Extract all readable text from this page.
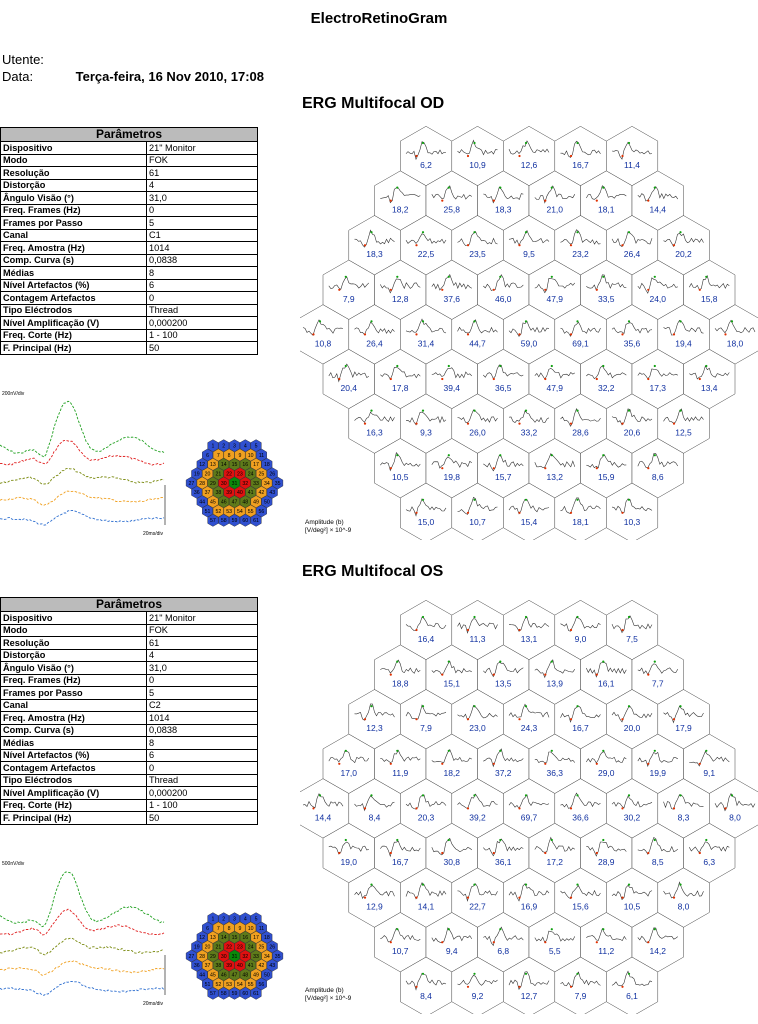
ElectroRetinoGram
Utente:
Data:	Terça-feira, 16 Nov 2010, 17:08
ERG Multifocal OD
Parâmetros	
Dispositivo	21" Monitor
Modo	FOK
Resolução	61
Distorção	4
Ângulo Visão (°)	31,0
Freq. Frames (Hz)	0
Frames por Passo	5
Canal	C1
Freq. Amostra (Hz)	1014
Comp. Curva (s)	0,0838
Médias	8
Nível Artefactos (%)	6
Contagem Artefactos	0
Tipo Eléctrodos	Thread
Nível Amplificação (V)	0,000200
Freq. Corte (Hz)	1 - 100
F. Principal (Hz)	50
200nV/div
20ms/div
1 2 3 4 5
6 7 8 9 10 11
12 13 14 15 16 17 18
19 20 21 22 23 24 25 26
27 28 29 30 31 32 33 34 35
36 37 38 39 40 41 42 43
44 45 46 47 48 49 50
51 52 53 54 55 56
57 58 59 60 61
6,2	10,9	12,6	16,7	11,4
18,2	25,8	18,3	21,0	18,1	14,4
18,3	22,5	23,5	9,5	23,2	26,4	20,2
7,9	12,8	37,6	46,0	47,9	33,5	24,0	15,8
10,8	26,4	31,4	44,7	59,0	69,1	35,6	19,4	18,0
20,4	17,8	39,4	36,5	47,9	32,2	17,3	13,4
16,3	9,3	26,0	33,2	28,6	20,6	12,5
10,5	19,8	15,7	13,2	15,9	8,6
15,0	10,7	15,4	18,1	10,3
Amplitude (b)
[V/deg²] × 10^-9
ERG Multifocal OS
Parâmetros	
Dispositivo	21" Monitor
Modo	FOK
Resolução	61
Distorção	4
Ângulo Visão (°)	31,0
Freq. Frames (Hz)	0
Frames por Passo	5
Canal	C2
Freq. Amostra (Hz)	1014
Comp. Curva (s)	0,0838
Médias	8
Nível Artefactos (%)	6
Contagem Artefactos	0
Tipo Eléctrodos	Thread
Nível Amplificação (V)	0,000200
Freq. Corte (Hz)	1 - 100
F. Principal (Hz)	50
500nV/div
20ms/div
1 2 3 4 5
6 7 8 9 10 11
12 13 14 15 16 17 18
19 20 21 22 23 24 25 26
27 28 29 30 31 32 33 34 35
36 37 38 39 40 41 42 43
44 45 46 47 48 49 50
51 52 53 54 55 56
57 58 59 60 61
16,4	11,3	13,1	9,0	7,5
18,8	15,1	13,5	13,9	16,1	7,7
12,3	7,9	23,0	24,3	16,7	20,0	17,9
17,0	11,9	18,2	37,2	36,3	29,0	19,9	9,1
14,4	8,4	20,3	39,2	69,7	36,6	30,2	8,3	8,0
19,0	16,7	30,8	36,1	17,2	28,9	8,5	6,3
12,9	14,1	22,7	16,9	15,6	10,5	8,0
10,7	9,4	6,8	5,5	11,2	14,2
8,4	9,2	12,7	7,9	6,1
Amplitude (b)
[V/deg²] × 10^-9
